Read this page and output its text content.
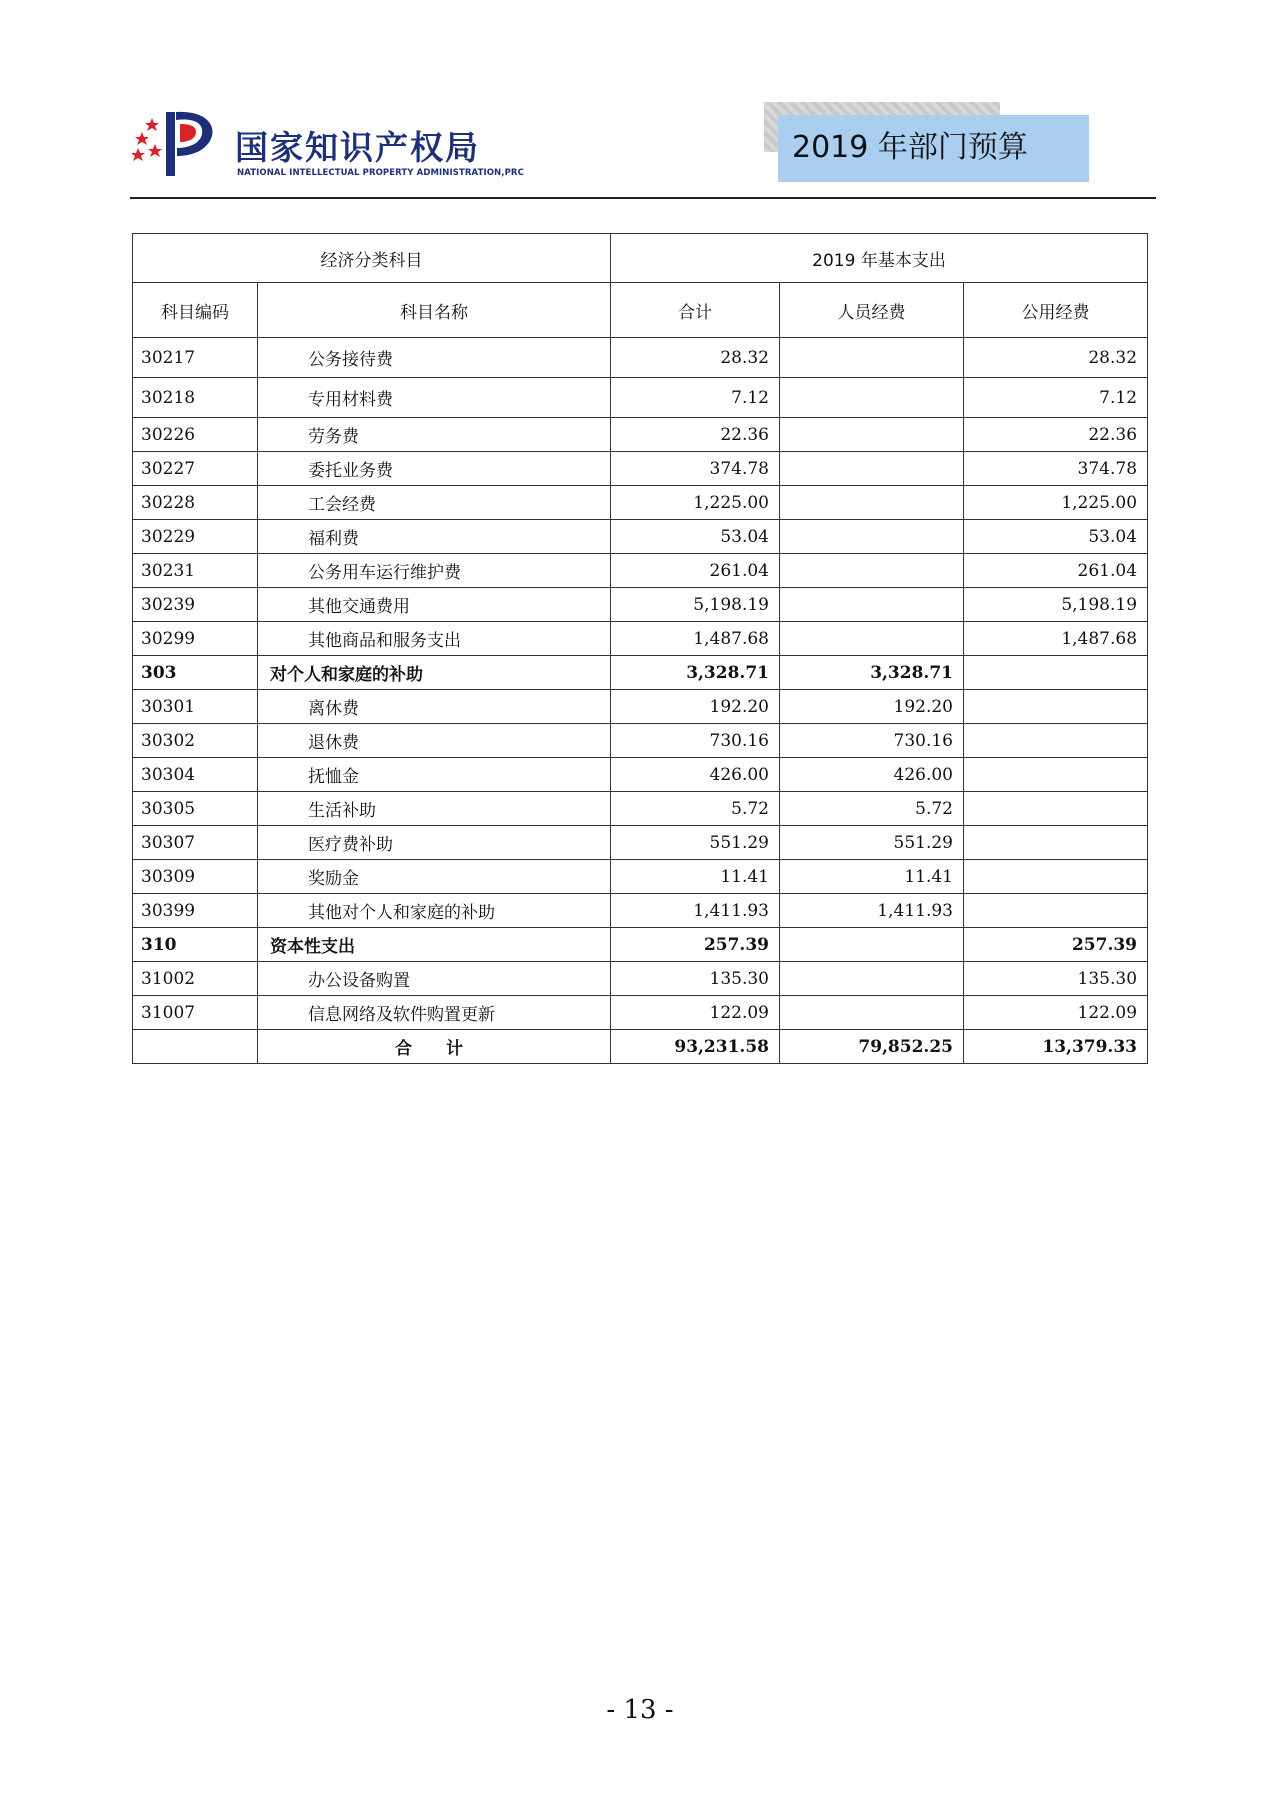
国家知识产权局
NATIONAL INTELLECTUAL PROPERTY ADMINISTRATION,PRC
2019 年部门预算
经济分类科目		2019 年基本支出		
科目编码	科目名称	合计	人员经费	公用经费
30217	公务接待费	28.32		28.32
30218	专用材料费	7.12		7.12
30226	劳务费	22.36		22.36
30227	委托业务费	374.78		374.78
30228	工会经费	1,225.00		1,225.00
30229	福利费	53.04		53.04
30231	公务用车运行维护费	261.04		261.04
30239	其他交通费用	5,198.19		5,198.19
30299	其他商品和服务支出	1,487.68		1,487.68
303	对个人和家庭的补助	3,328.71	3,328.71	
30301	离休费	192.20	192.20	
30302	退休费	730.16	730.16	
30304	抚恤金	426.00	426.00	
30305	生活补助	5.72	5.72	
30307	医疗费补助	551.29	551.29	
30309	奖励金	11.41	11.41	
30399	其他对个人和家庭的补助	1,411.93	1,411.93	
310	资本性支出	257.39		257.39
31002	办公设备购置	135.30		135.30
31007	信息网络及软件购置更新	122.09		122.09
	合 计	93,231.58	79,852.25	13,379.33
- 13 -
